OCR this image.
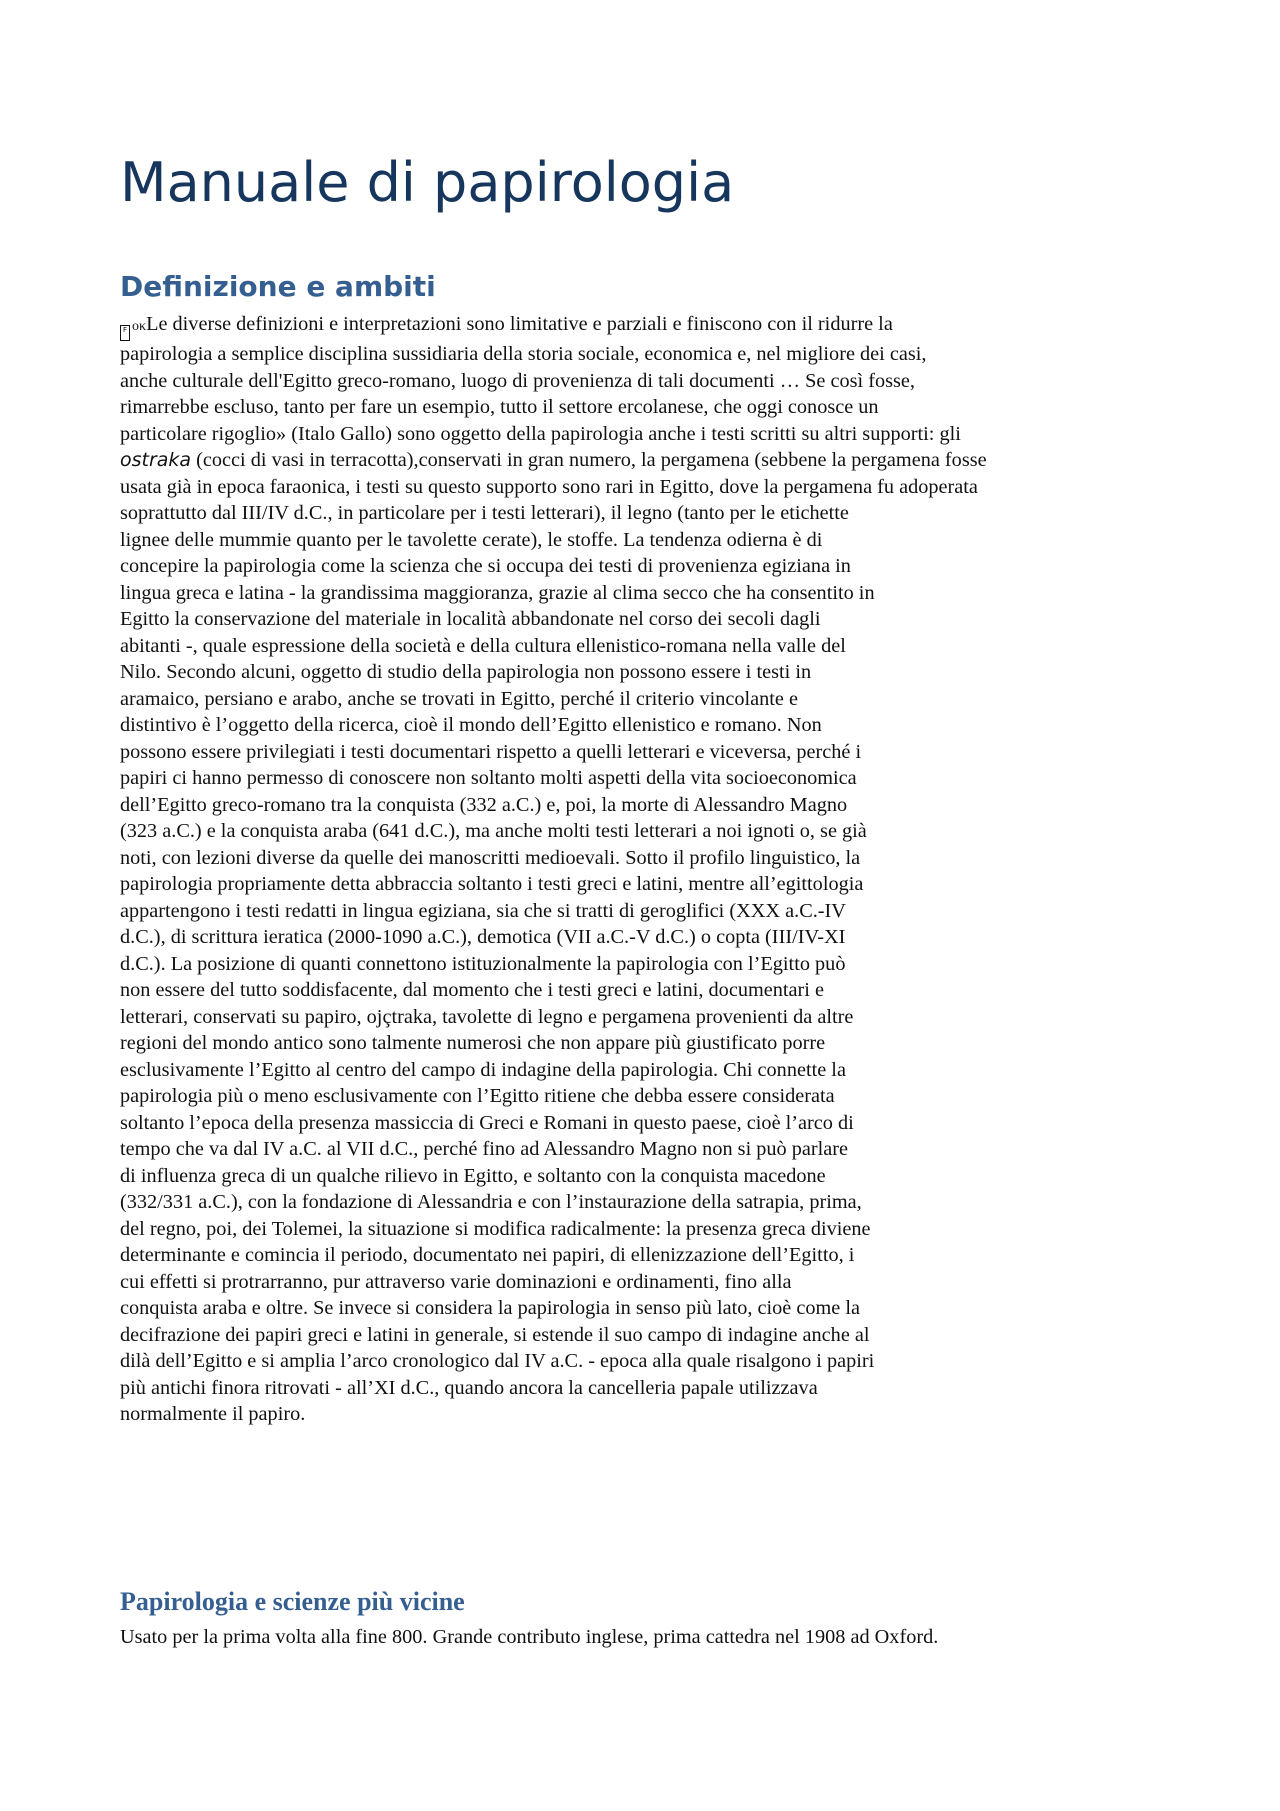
Manuale di papirologia
Definizione e ambiti
F οκLe diverse definizioni e interpretazioni sono limitative e parziali e finiscono con il ridurre la
papirologia a semplice disciplina sussidiaria della storia sociale, economica e, nel migliore dei casi,
anche culturale dell'Egitto greco-romano, luogo di provenienza di tali documenti … Se così fosse,
rimarrebbe escluso, tanto per fare un esempio, tutto il settore ercolanese, che oggi conosce un
particolare rigoglio» (Italo Gallo) sono oggetto della papirologia anche i testi scritti su altri supporti: gli
ostraka (cocci di vasi in terracotta),conservati in gran numero, la pergamena (sebbene la pergamena fosse
usata già in epoca faraonica, i testi su questo supporto sono rari in Egitto, dove la pergamena fu adoperata
soprattutto dal III/IV d.C., in particolare per i testi letterari), il legno (tanto per le etichette
lignee delle mummie quanto per le tavolette cerate), le stoffe. La tendenza odierna è di
concepire la papirologia come la scienza che si occupa dei testi di provenienza egiziana in
lingua greca e latina - la grandissima maggioranza, grazie al clima secco che ha consentito in
Egitto la conservazione del materiale in località abbandonate nel corso dei secoli dagli
abitanti -, quale espressione della società e della cultura ellenistico-romana nella valle del
Nilo. Secondo alcuni, oggetto di studio della papirologia non possono essere i testi in
aramaico, persiano e arabo, anche se trovati in Egitto, perché il criterio vincolante e
distintivo è l’oggetto della ricerca, cioè il mondo dell’Egitto ellenistico e romano. Non
possono essere privilegiati i testi documentari rispetto a quelli letterari e viceversa, perché i
papiri ci hanno permesso di conoscere non soltanto molti aspetti della vita socioeconomica
dell’Egitto greco-romano tra la conquista (332 a.C.) e, poi, la morte di Alessandro Magno
(323 a.C.) e la conquista araba (641 d.C.), ma anche molti testi letterari a noi ignoti o, se già
noti, con lezioni diverse da quelle dei manoscritti medioevali. Sotto il profilo linguistico, la
papirologia propriamente detta abbraccia soltanto i testi greci e latini, mentre all’egittologia
appartengono i testi redatti in lingua egiziana, sia che si tratti di geroglifici (XXX a.C.-IV
d.C.), di scrittura ieratica (2000-1090 a.C.), demotica (VII a.C.-V d.C.) o copta (III/IV-XI
d.C.). La posizione di quanti connettono istituzionalmente la papirologia con l’Egitto può
non essere del tutto soddisfacente, dal momento che i testi greci e latini, documentari e
letterari, conservati su papiro, ojçtraka, tavolette di legno e pergamena provenienti da altre
regioni del mondo antico sono talmente numerosi che non appare più giustificato porre
esclusivamente l’Egitto al centro del campo di indagine della papirologia. Chi connette la
papirologia più o meno esclusivamente con l’Egitto ritiene che debba essere considerata
soltanto l’epoca della presenza massiccia di Greci e Romani in questo paese, cioè l’arco di
tempo che va dal IV a.C. al VII d.C., perché fino ad Alessandro Magno non si può parlare
di influenza greca di un qualche rilievo in Egitto, e soltanto con la conquista macedone
(332/331 a.C.), con la fondazione di Alessandria e con l’instaurazione della satrapia, prima,
del regno, poi, dei Tolemei, la situazione si modifica radicalmente: la presenza greca diviene
determinante e comincia il periodo, documentato nei papiri, di ellenizzazione dell’Egitto, i
cui effetti si protrarranno, pur attraverso varie dominazioni e ordinamenti, fino alla
conquista araba e oltre. Se invece si considera la papirologia in senso più lato, cioè come la
decifrazione dei papiri greci e latini in generale, si estende il suo campo di indagine anche al
dilà dell’Egitto e si amplia l’arco cronologico dal IV a.C. - epoca alla quale risalgono i papiri
più antichi finora ritrovati - all’XI d.C., quando ancora la cancelleria papale utilizzava
normalmente il papiro.
Papirologia e scienze più vicine

Usato per la prima volta alla fine 800. Grande contributo inglese, prima cattedra nel 1908 ad Oxford.
